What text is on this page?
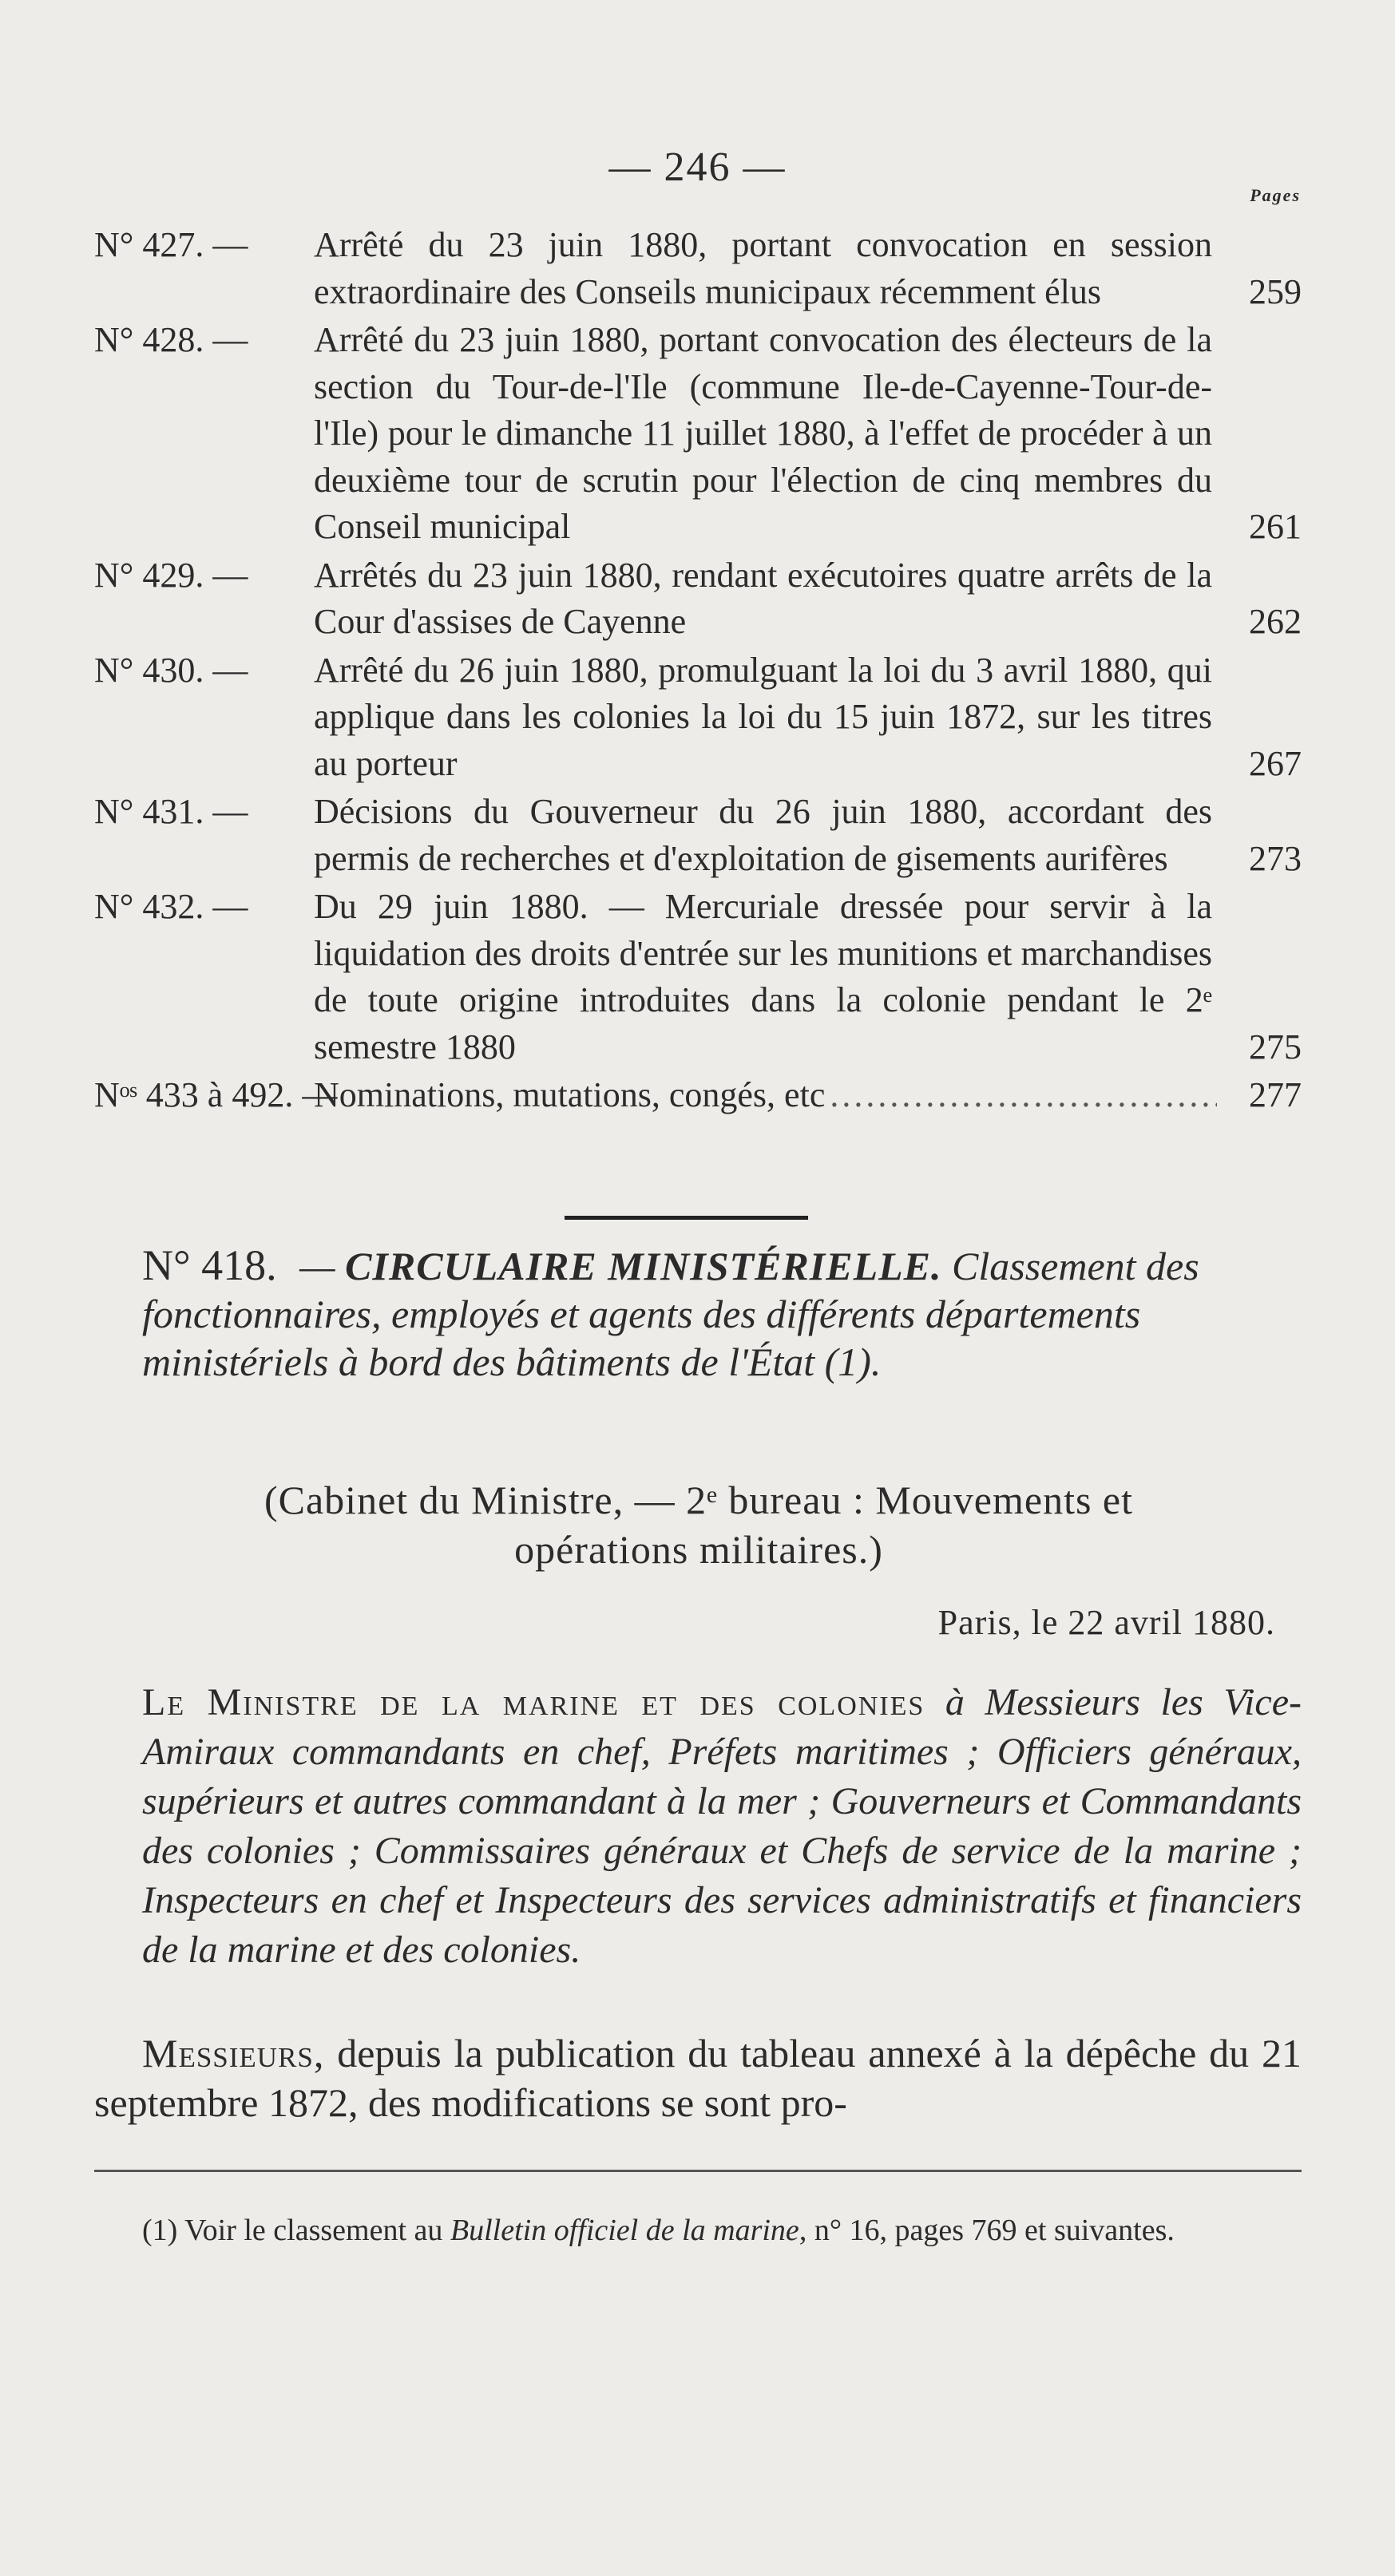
— 246 —
Pages
N° 427. —	Arrêté du 23 juin 1880, portant convocation en session extraordinaire des Conseils municipaux récemment élus	259
N° 428. —	Arrêté du 23 juin 1880, portant convocation des électeurs de la section du Tour-de-l'Ile (commune Ile-de-Cayenne-Tour-de-l'Ile) pour le dimanche 11 juillet 1880, à l'effet de procéder à un deuxième tour de scrutin pour l'élection de cinq membres du Conseil municipal	261
N° 429. —	Arrêtés du 23 juin 1880, rendant exécutoires quatre arrêts de la Cour d'assises de Cayenne	262
N° 430. —	Arrêté du 26 juin 1880, promulguant la loi du 3 avril 1880, qui applique dans les colonies la loi du 15 juin 1872, sur les titres au porteur	267
N° 431. —	Décisions du Gouverneur du 26 juin 1880, accordant des permis de recherches et d'exploitation de gisements aurifères	273
N° 432. —	Du 29 juin 1880. — Mercuriale dressée pour servir à la liquidation des droits d'entrée sur les munitions et marchandises de toute origine introduites dans la colonie pendant le 2ᵉ semestre 1880	275
Nᵒˢ 433 à 492. —
Nominations, mutations, congés, etc
.....	277
N° 418. — CIRCULAIRE MINISTÉRIELLE. Classement des fonctionnaires, employés et agents des différents départements ministériels à bord des bâtiments de l'État (1).
(Cabinet du Ministre, — 2ᵉ bureau : Mouvements et opérations militaires.)
Paris, le 22 avril 1880.
Le Ministre de la marine et des colonies à Messieurs les Vice-Amiraux commandants en chef, Préfets maritimes ; Officiers généraux, supérieurs et autres commandant à la mer ; Gouverneurs et Commandants des colonies ; Commissaires généraux et Chefs de service de la marine ; Inspecteurs en chef et Inspecteurs des services administratifs et financiers de la marine et des colonies.
Messieurs, depuis la publication du tableau annexé à la dépêche du 21 septembre 1872, des modifications se sont pro-
(1) Voir le classement au Bulletin officiel de la marine, n° 16, pages 769 et suivantes.
